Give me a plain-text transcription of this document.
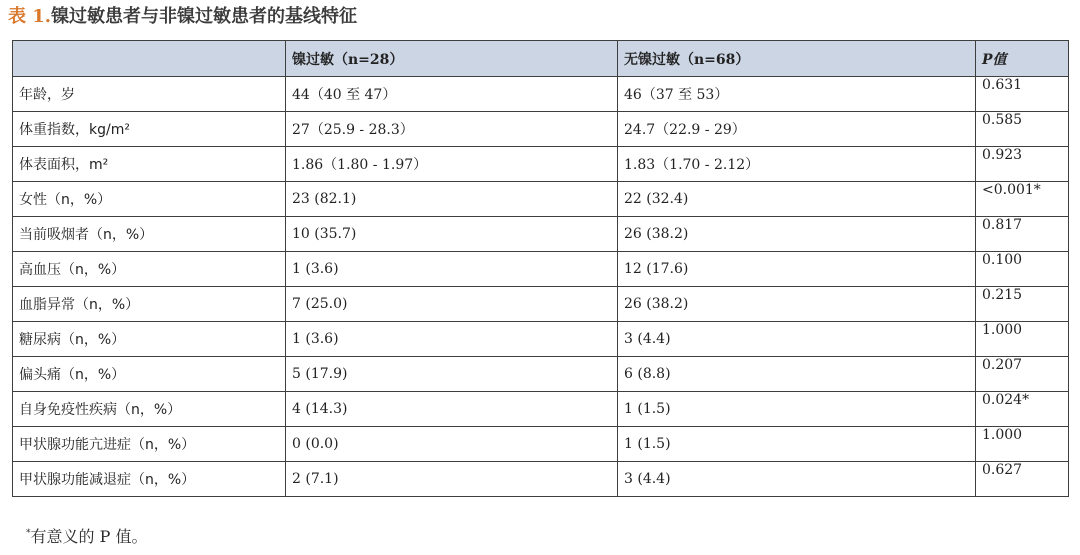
表 1.镍过敏患者与非镍过敏患者的基线特征
	镍过敏（n=28）	无镍过敏（n=68）	P值
年龄，岁	44（40 至 47）	46（37 至 53）	0.631
体重指数，kg/m²	27（25.9 - 28.3）	24.7（22.9 - 29）	0.585
体表面积，m²	1.86（1.80 - 1.97）	1.83（1.70 - 2.12）	0.923
女性（n，%）	23 (82.1)	22 (32.4)	<0.001*
当前吸烟者（n，%）	10 (35.7)	26 (38.2)	0.817
高血压（n，%）	1 (3.6)	12 (17.6)	0.100
血脂异常（n，%）	7 (25.0)	26 (38.2)	0.215
糖尿病（n，%）	1 (3.6)	3 (4.4)	1.000
偏头痛（n，%）	5 (17.9)	6 (8.8)	0.207
自身免疫性疾病（n，%）	4 (14.3)	1 (1.5)	0.024*
甲状腺功能亢进症（n，%）	0 (0.0)	1 (1.5)	1.000
甲状腺功能减退症（n，%）	2 (7.1)	3 (4.4)	0.627
*有意义的 P 值。
